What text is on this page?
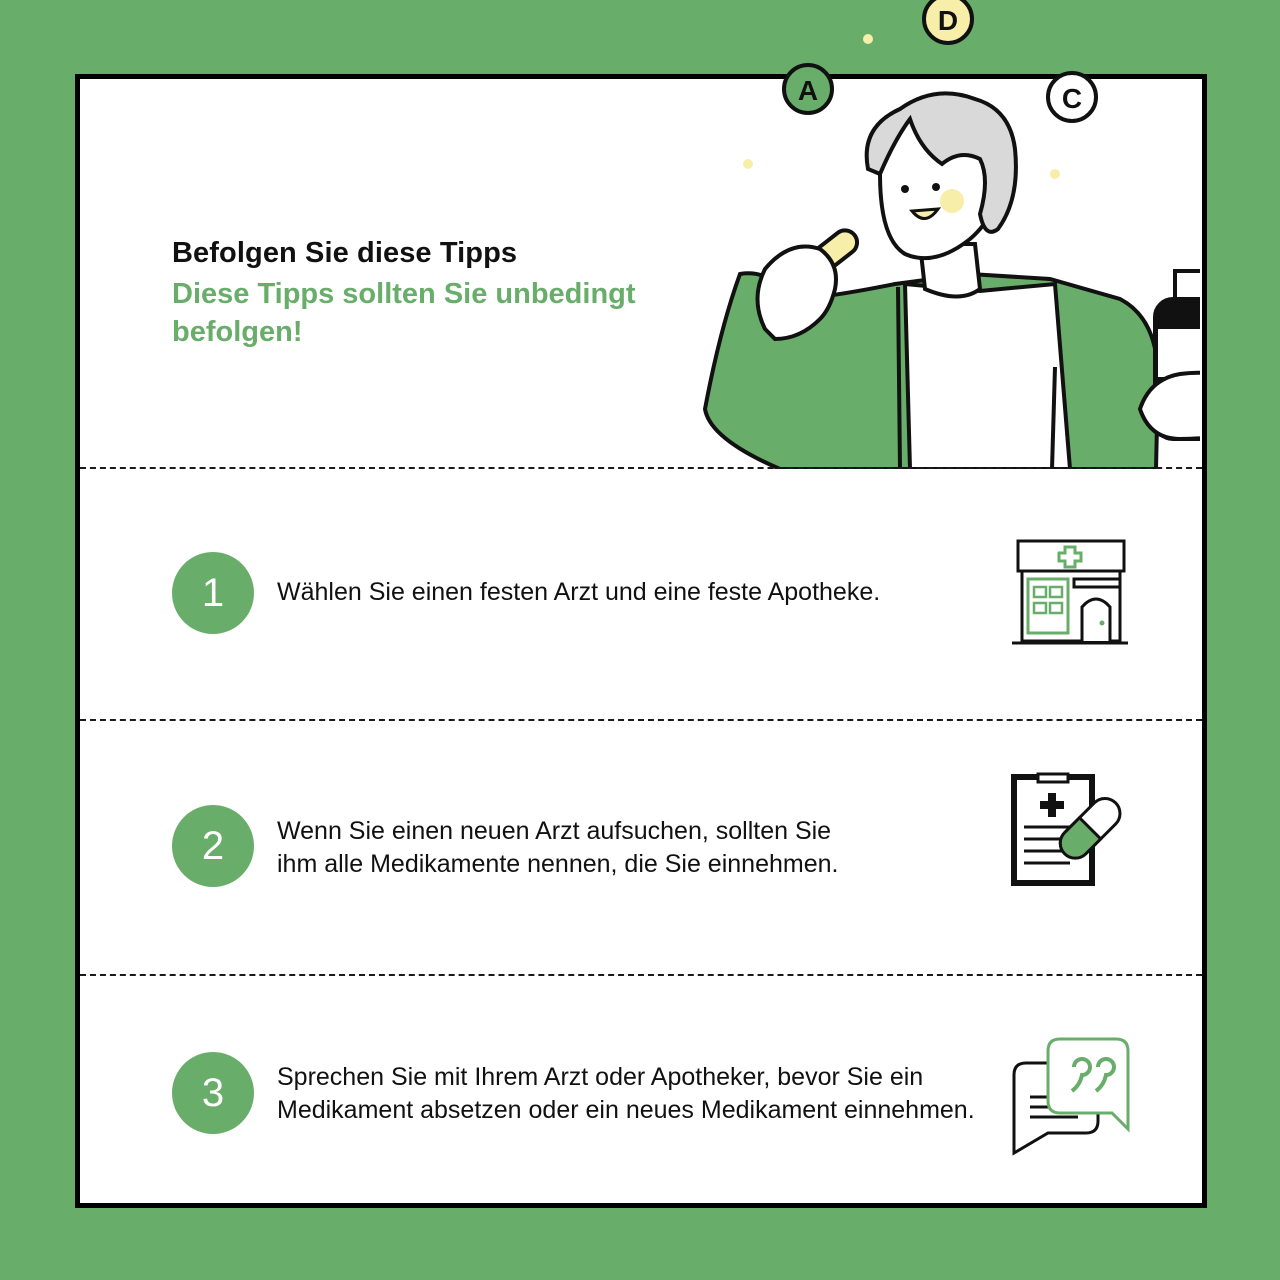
Befolgen Sie diese Tipps
Diese Tipps sollten Sie unbedingt befolgen!
D
A	C
1	Wählen Sie einen festen Arzt und eine feste Apotheke.
2	Wenn Sie einen neuen Arzt aufsuchen, sollten Sie ihm alle Medikamente nennen, die Sie einnehmen.
3	Sprechen Sie mit Ihrem Arzt oder Apotheker, bevor Sie ein Medikament absetzen oder ein neues Medikament einnehmen.
